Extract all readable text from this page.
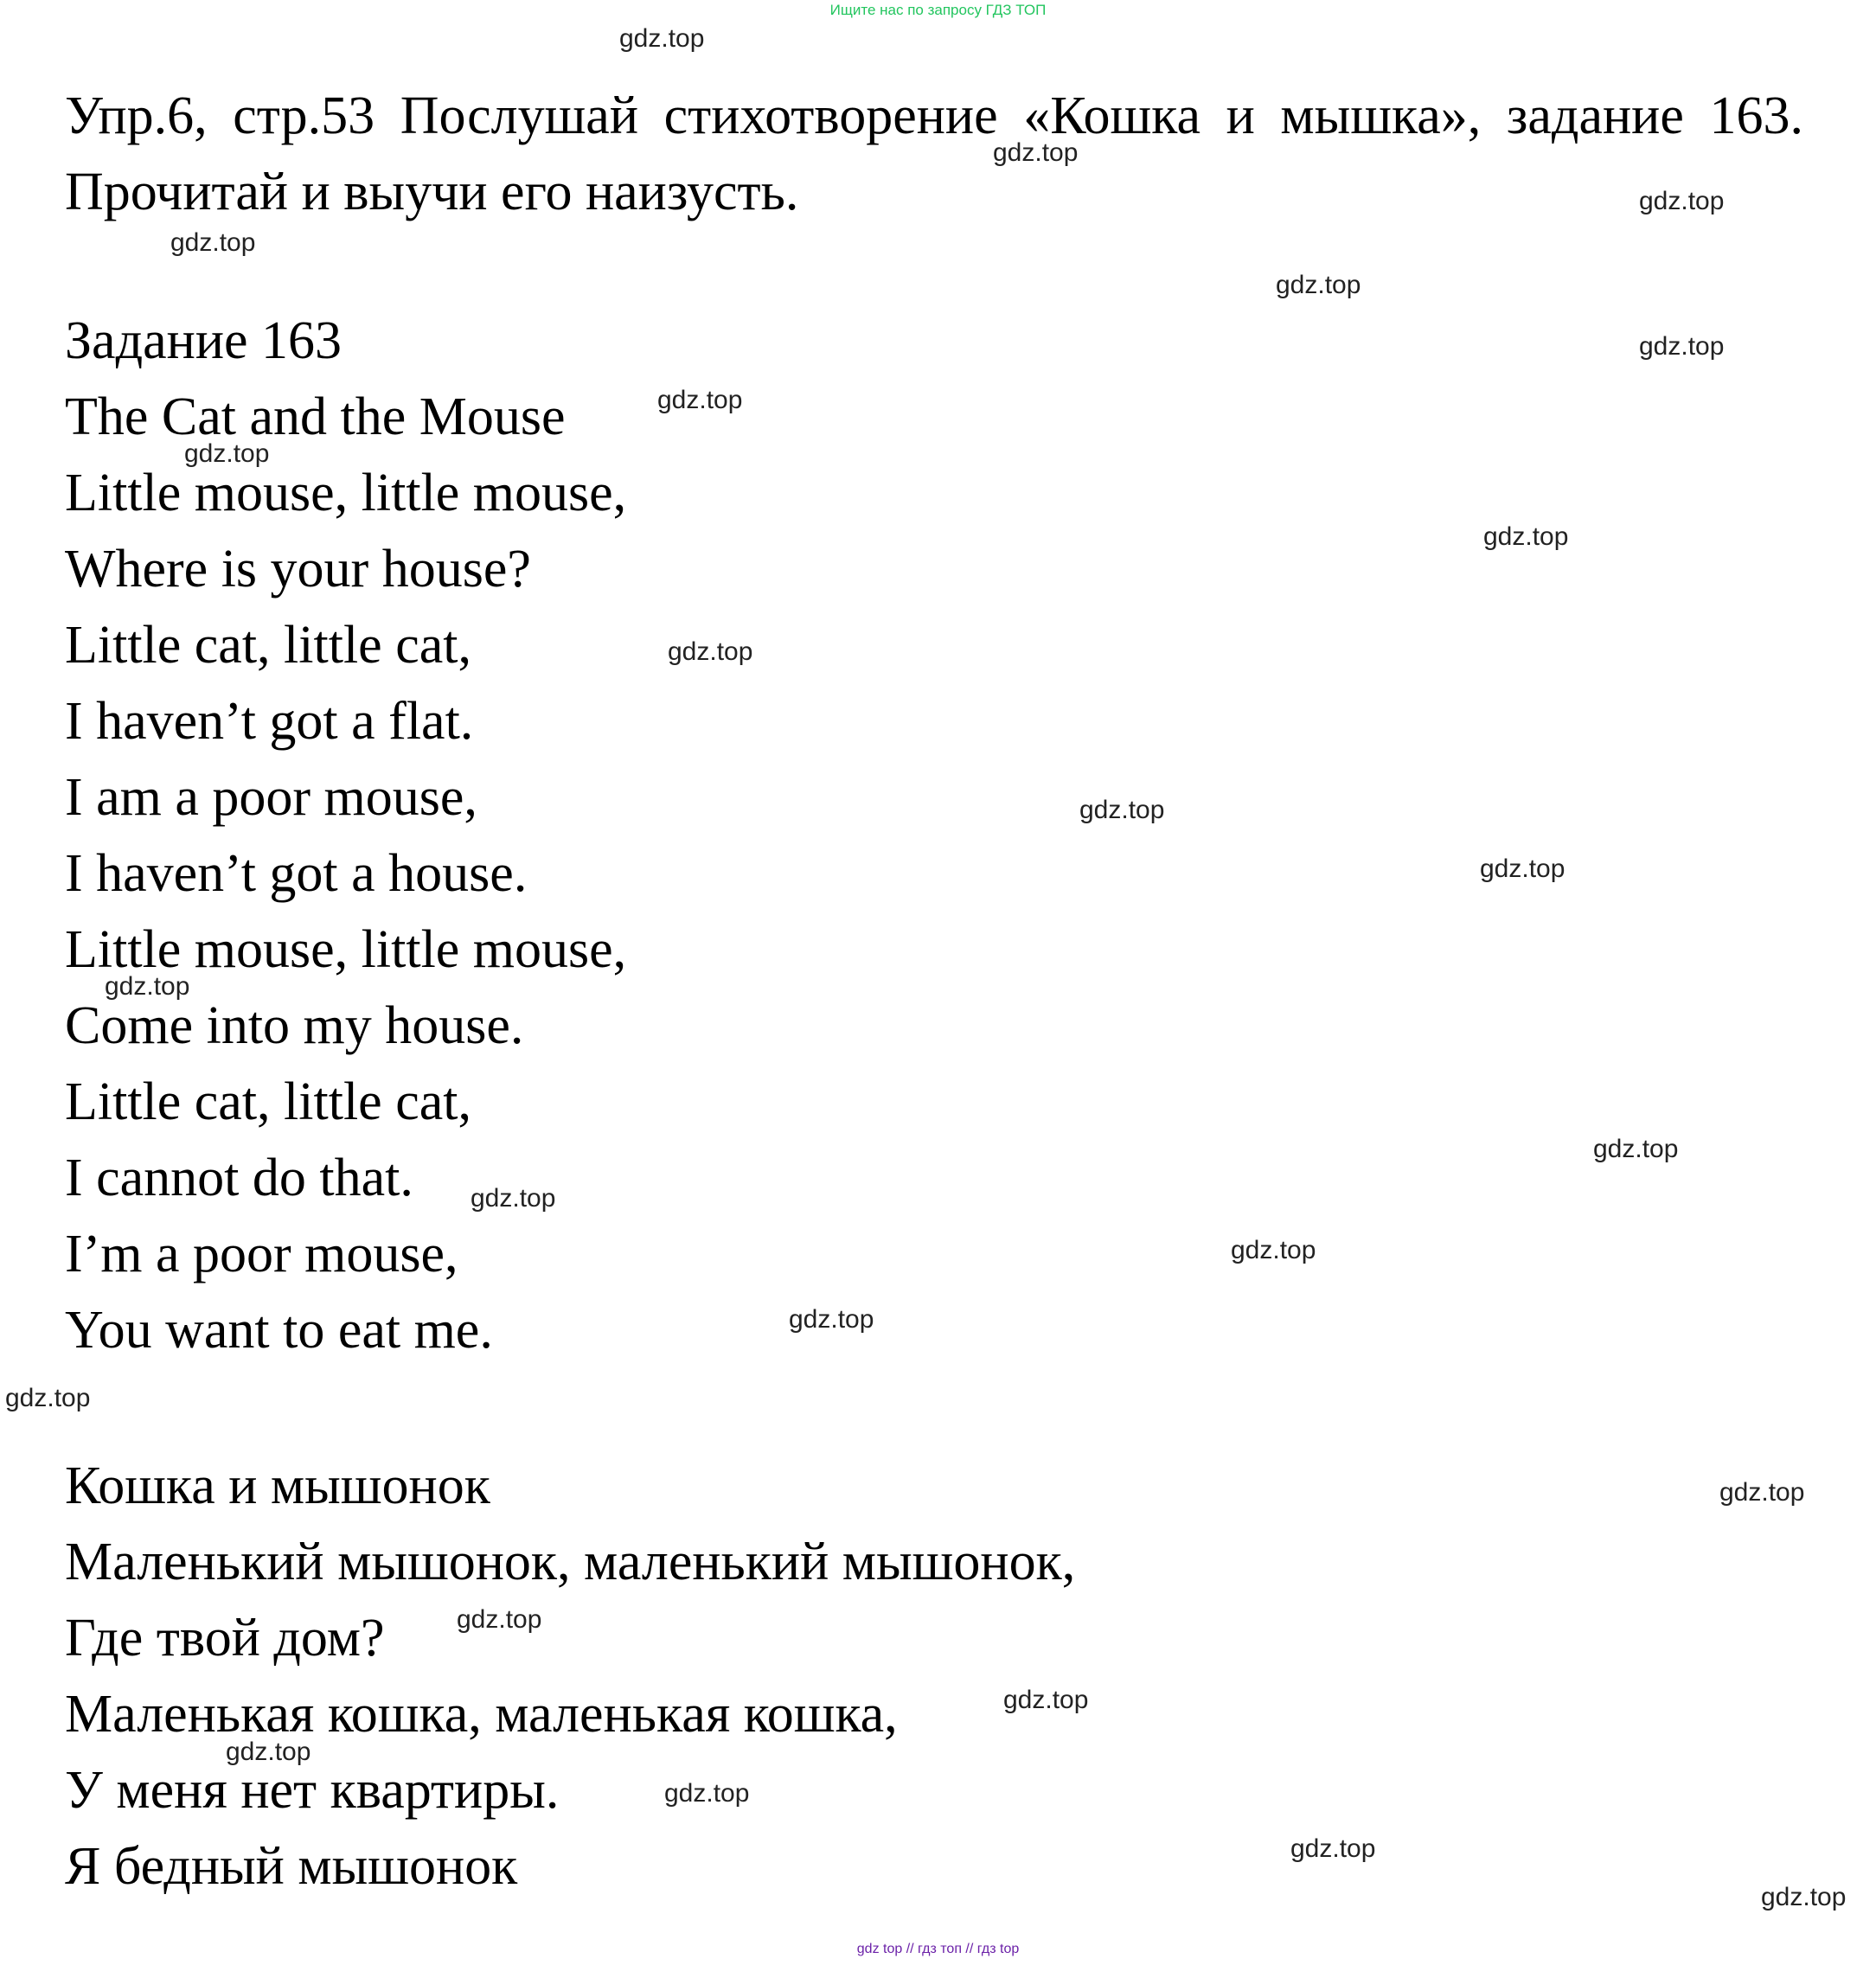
Ищите нас по запросу ГДЗ ТОП
Упр.6, стр.53 Послушай стихотворение «Кошка и мышка», задание 163. Прочитай и выучи его наизусть.
Задание 163
The Cat and the Mouse
Little mouse, little mouse,
Where is your house?
Little cat, little cat,
I haven’t got a flat.
I am a poor mouse,
I haven’t got a house.
Little mouse, little mouse,
Come into my house.
Little cat, little cat,
I cannot do that.
I’m a poor mouse,
You want to eat me.
Кошка и мышонок
Маленький мышонок, маленький мышонок,
Где твой дом?
Маленькая кошка, маленькая кошка,
У меня нет квартиры.
Я бедный мышонок
gdz.top
gdz.top
gdz.top
gdz.top
gdz.top
gdz.top
gdz.top
gdz.top
gdz.top
gdz.top
gdz.top
gdz.top
gdz.top
gdz.top
gdz.top
gdz.top
gdz.top
gdz.top
gdz.top
gdz.top
gdz.top
gdz.top
gdz.top
gdz.top
gdz.top
gdz top // гдз топ // гдз top
